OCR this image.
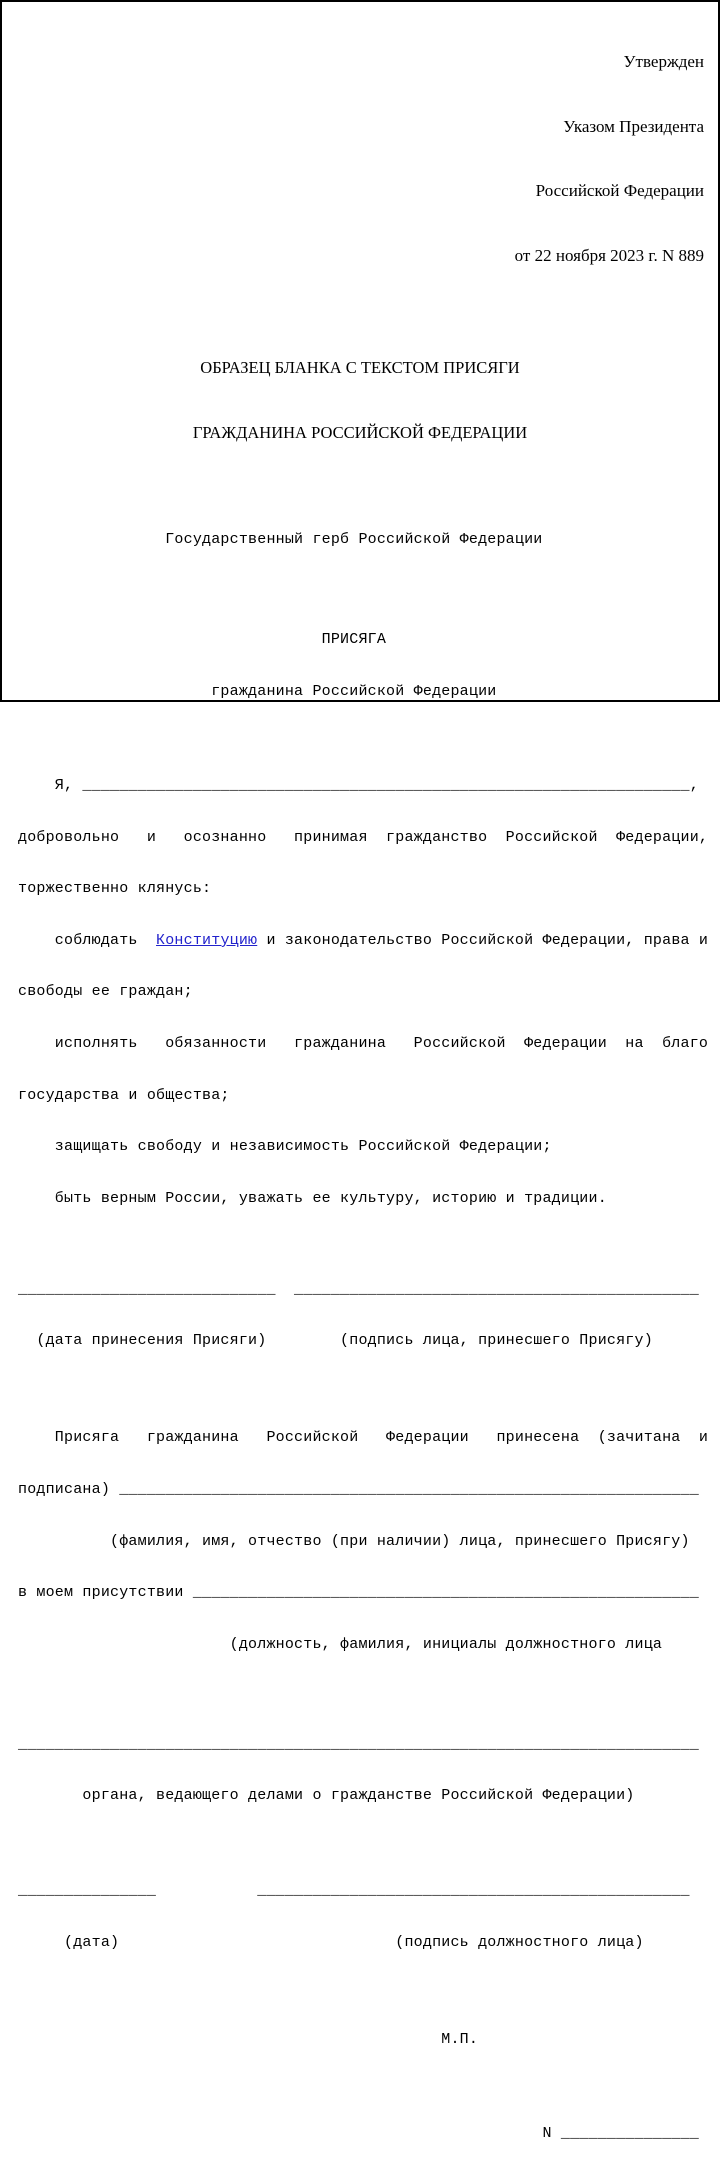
Утвержден

Указом Президента

Российской Федерации

от 22 ноября 2023 г. N 889

ОБРАЗЕЦ БЛАНКА С ТЕКСТОМ ПРИСЯГИ

ГРАЖДАНИНА РОССИЙСКОЙ ФЕДЕРАЦИИ

Государственный герб Российской Федерации

ПРИСЯГА

гражданина Российской Федерации

Я, __________________________________________________________________,

добровольно   и   осознанно   принимая  гражданство  Российской  Федерации,

торжественно клянусь:

соблюдать  Конституцию и законодательство Российской Федерации, права и

свободы ее граждан;

исполнять   обязанности   гражданина   Российской  Федерации  на  благо

государства и общества;

защищать свободу и независимость Российской Федерации;

быть верным России, уважать ее культуру, историю и традиции.

____________________________  ____________________________________________

(дата принесения Присяги)        (подпись лица, принесшего Присягу)

Присяга   гражданина   Российской   Федерации   принесена  (зачитана  и

подписана) _______________________________________________________________

(фамилия, имя, отчество (при наличии) лица, принесшего Присягу)

в моем присутствии _______________________________________________________

(должность, фамилия, инициалы должностного лица

__________________________________________________________________________

органа, ведающего делами о гражданстве Российской Федерации)

_______________           _______________________________________________

(дата)                              (подпись должностного лица)

М.П.

N _______________
